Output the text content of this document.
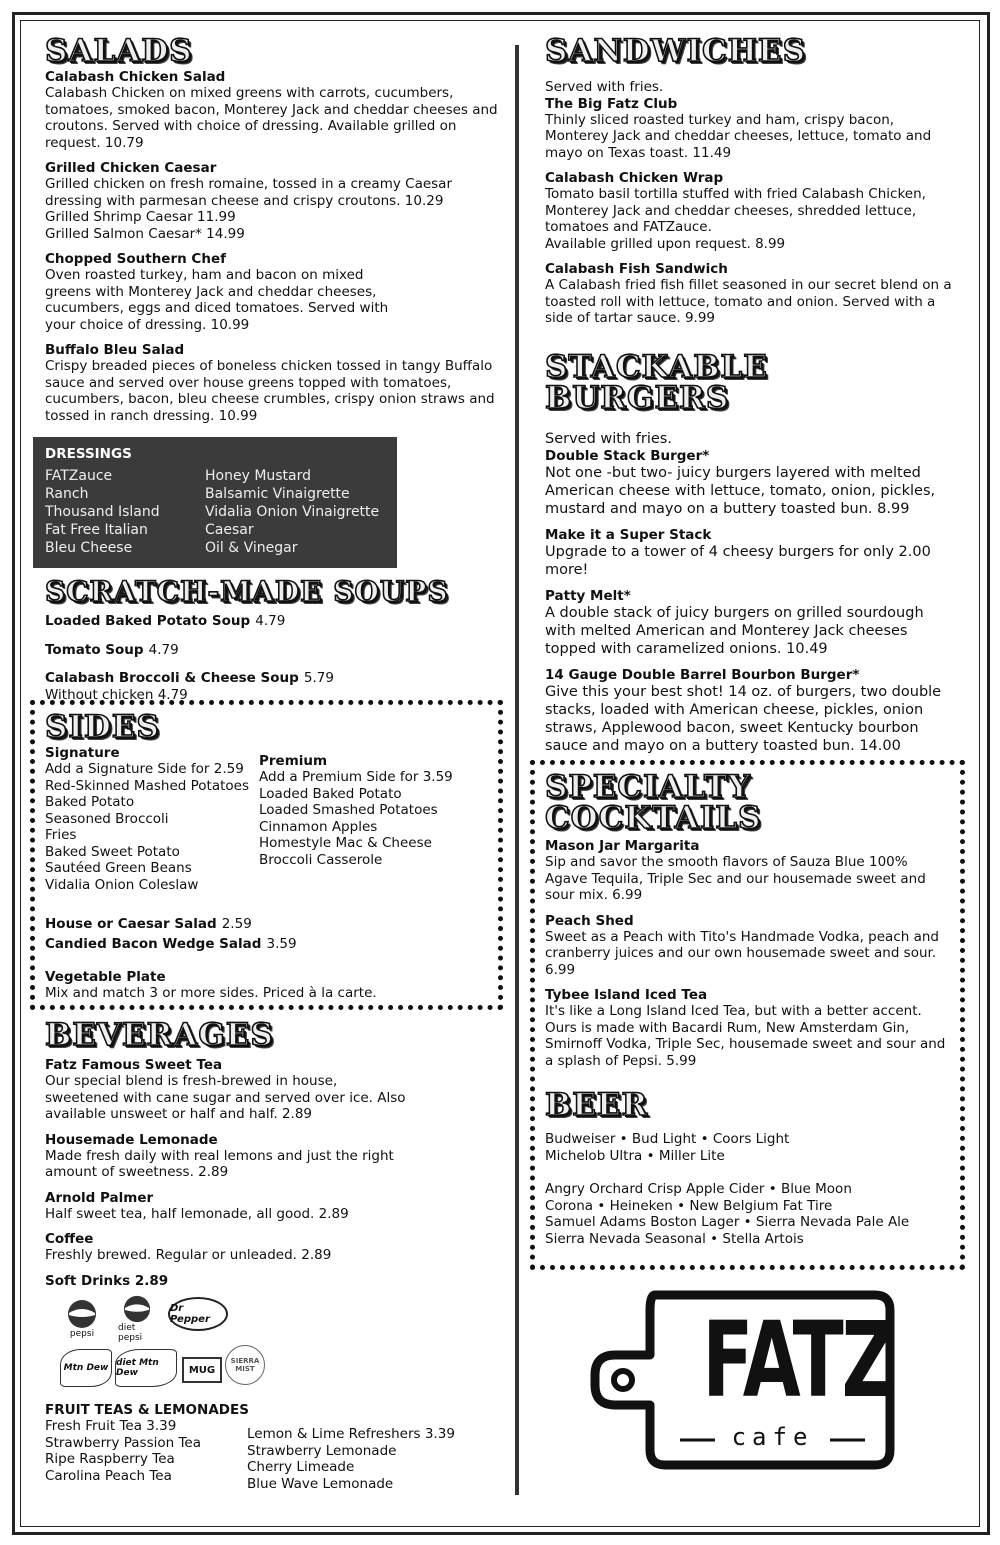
SALADS
Calabash Chicken Salad
Calabash Chicken on mixed greens with carrots, cucumbers, tomatoes, smoked bacon, Monterey Jack and cheddar cheeses and croutons. Served with choice of dressing. Available grilled on request. 10.79
Grilled Chicken Caesar
Grilled chicken on fresh romaine, tossed in a creamy Caesar dressing with parmesan cheese and crispy croutons. 10.29
Grilled Shrimp Caesar 11.99
Grilled Salmon Caesar* 14.99
Chopped Southern Chef
Oven roasted turkey, ham and bacon on mixed greens with Monterey Jack and cheddar cheeses, cucumbers, eggs and diced tomatoes. Served with your choice of dressing. 10.99
Buffalo Bleu Salad
Crispy breaded pieces of boneless chicken tossed in tangy Buffalo sauce and served over house greens topped with tomatoes, cucumbers, bacon, bleu cheese crumbles, crispy onion straws and tossed in ranch dressing. 10.99
DRESSINGS
FATZauce
Ranch
Thousand Island
Fat Free Italian
Bleu Cheese
Honey Mustard
Balsamic Vinaigrette
Vidalia Onion Vinaigrette
Caesar
Oil & Vinegar
SCRATCH-MADE SOUPS
Loaded Baked Potato Soup 4.79
Tomato Soup 4.79
Calabash Broccoli & Cheese Soup 5.79
Without chicken 4.79
SIDES
Signature
Add a Signature Side for 2.59
Red-Skinned Mashed Potatoes
Baked Potato
Seasoned Broccoli
Fries
Baked Sweet Potato
Sautéed Green Beans
Vidalia Onion Coleslaw
Premium
Add a Premium Side for 3.59
Loaded Baked Potato
Loaded Smashed Potatoes
Cinnamon Apples
Homestyle Mac & Cheese
Broccoli Casserole
House or Caesar Salad 2.59
Candied Bacon Wedge Salad 3.59
Vegetable Plate
Mix and match 3 or more sides. Priced à la carte.
BEVERAGES
Fatz Famous Sweet Tea
Our special blend is fresh-brewed in house, sweetened with cane sugar and served over ice. Also available unsweet or half and half. 2.89
Housemade Lemonade
Made fresh daily with real lemons and just the right amount of sweetness. 2.89
Arnold Palmer
Half sweet tea, half lemonade, all good. 2.89
Coffee
Freshly brewed. Regular or unleaded. 2.89
Soft Drinks 2.89
pepsi
diet pepsi
Dr Pepper
Mtn Dew diet Mtn Dew	MUG
SIERRA MIST
FRUIT TEAS & LEMONADES
Fresh Fruit Tea 3.39
Strawberry Passion Tea
Ripe Raspberry Tea
Carolina Peach Tea
Lemon & Lime Refreshers 3.39
Strawberry Lemonade
Cherry Limeade
Blue Wave Lemonade
SANDWICHES
Served with fries.
The Big Fatz Club
Thinly sliced roasted turkey and ham, crispy bacon, Monterey Jack and cheddar cheeses, lettuce, tomato and mayo on Texas toast. 11.49
Calabash Chicken Wrap
Tomato basil tortilla stuffed with fried Calabash Chicken, Monterey Jack and cheddar cheeses, shredded lettuce, tomatoes and FATZauce.
Available grilled upon request. 8.99
Calabash Fish Sandwich
A Calabash fried fish fillet seasoned in our secret blend on a toasted roll with lettuce, tomato and onion. Served with a side of tartar sauce. 9.99
STACKABLE
BURGERS
Served with fries.
Double Stack Burger*
Not one -but two- juicy burgers layered with melted American cheese with lettuce, tomato, onion, pickles, mustard and mayo on a buttery toasted bun. 8.99
Make it a Super Stack
Upgrade to a tower of 4 cheesy burgers for only 2.00 more!
Patty Melt*
A double stack of juicy burgers on grilled sourdough with melted American and Monterey Jack cheeses topped with caramelized onions. 10.49
14 Gauge Double Barrel Bourbon Burger*
Give this your best shot! 14 oz. of burgers, two double stacks, loaded with American cheese, pickles, onion straws, Applewood bacon, sweet Kentucky bourbon sauce and mayo on a buttery toasted bun. 14.00
SPECIALTY
COCKTAILS
Mason Jar Margarita
Sip and savor the smooth flavors of Sauza Blue 100% Agave Tequila, Triple Sec and our housemade sweet and sour mix. 6.99
Peach Shed
Sweet as a Peach with Tito's Handmade Vodka, peach and cranberry juices and our own housemade sweet and sour. 6.99
Tybee Island Iced Tea
It's like a Long Island Iced Tea, but with a better accent. Ours is made with Bacardi Rum, New Amsterdam Gin, Smirnoff Vodka, Triple Sec, housemade sweet and sour and a splash of Pepsi. 5.99
BEER
Budweiser • Bud Light • Coors Light
Michelob Ultra • Miller Lite
Angry Orchard Crisp Apple Cider • Blue Moon
Corona • Heineken • New Belgium Fat Tire
Samuel Adams Boston Lager • Sierra Nevada Pale Ale
Sierra Nevada Seasonal • Stella Artois
FATZ
cafe
